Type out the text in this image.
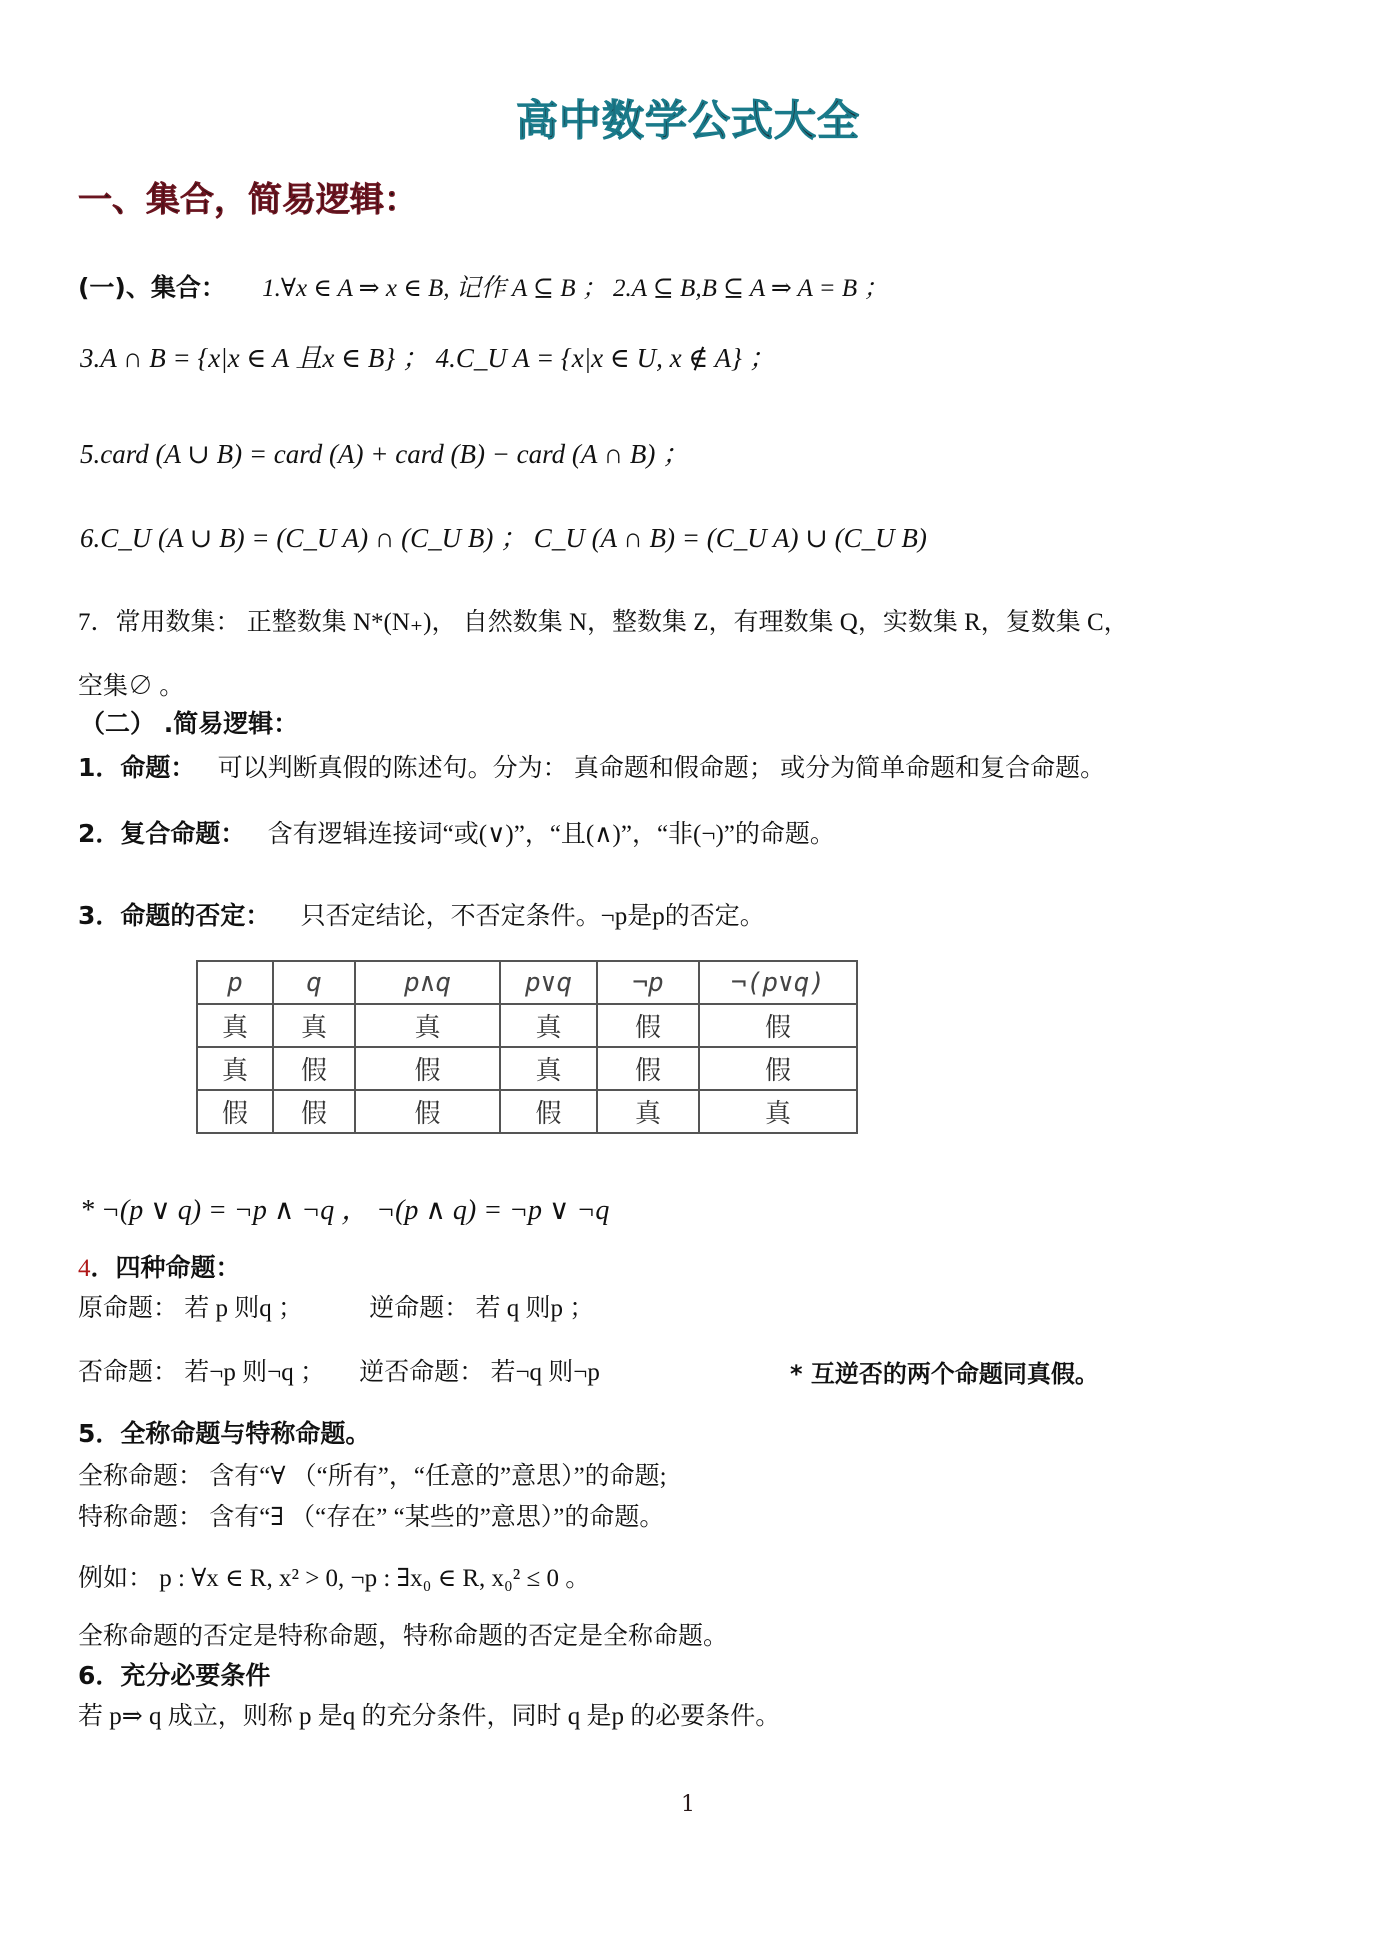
高中数学公式大全
一、集合，简易逻辑：
(一)、集合： 1.∀x ∈ A ⇒ x ∈ B, 记作 A ⊆ B ； 2.A ⊆ B,B ⊆ A ⇒ A = B ；
3.A ∩ B = {x|x ∈ A 且x ∈ B} ； 4.C_U A = {x|x ∈ U, x ∉ A} ；
5.card (A ∪ B) = card (A) + card (B) − card (A ∩ B) ；
6.C_U (A ∪ B) = (C_U A) ∩ (C_U B) ； C_U (A ∩ B) = (C_U A) ∪ (C_U B)
7．常用数集： 正整数集 N*(N₊)， 自然数集 N，整数集 Z，有理数集 Q，实数集 R，复数集 C，
空集∅ 。
（二） .简易逻辑：
1．命题： 可以判断真假的陈述句。分为： 真命题和假命题； 或分为简单命题和复合命题。
2．复合命题： 含有逻辑连接词“或(∨)”，“且(∧)”，“非(¬)”的命题。
3．命题的否定： 只否定结论，不否定条件。¬p是p的否定。
p	q	p∧q	p∨q	¬p	¬(p∨q)
真	真	真	真	假	假
真	假	假	真	假	假
假	假	假	假	真	真
* ¬(p ∨ q) = ¬p ∧ ¬q ， ¬(p ∧ q) = ¬p ∨ ¬q
4．四种命题：
原命题： 若 p 则q ；	逆命题： 若 q 则p ；
否命题： 若¬p 则¬q ； 逆否命题： 若¬q 则¬p	* 互逆否的两个命题同真假。
5．全称命题与特称命题。
全称命题： 含有“∀ （“所有”，“任意的”意思）”的命题;
特称命题： 含有“∃ （“存在” “某些的”意思）”的命题。
例如： p : ∀x ∈ R, x² > 0, ¬p : ∃x₀ ∈ R, x₀² ≤ 0 。
全称命题的否定是特称命题，特称命题的否定是全称命题。
6．充分必要条件
若 p⇒ q 成立，则称 p 是q 的充分条件，同时 q 是p 的必要条件。
1
